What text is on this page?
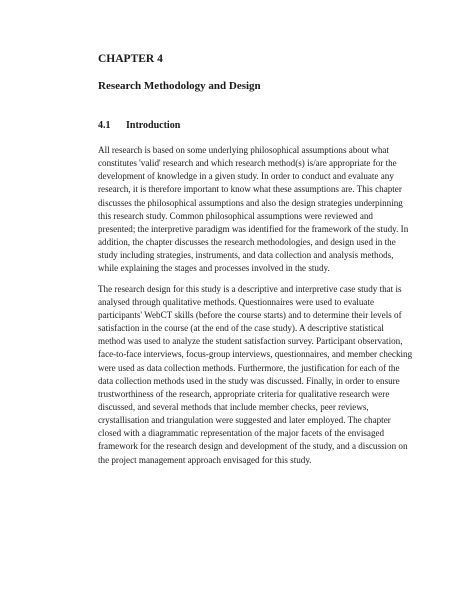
CHAPTER 4
Research Methodology and Design
4.1	Introduction

All research is based on some underlying philosophical assumptions about what
constitutes 'valid' research and which research method(s) is/are appropriate for the
development of knowledge in a given study. In order to conduct and evaluate any
research, it is therefore important to know what these assumptions are. This chapter
discusses the philosophical assumptions and also the design strategies underpinning
this research study. Common philosophical assumptions were reviewed and
presented; the interpretive paradigm was identified for the framework of the study. In
addition, the chapter discusses the research methodologies, and design used in the
study including strategies, instruments, and data collection and analysis methods,
while explaining the stages and processes involved in the study.

The research design for this study is a descriptive and interpretive case study that is
analysed through qualitative methods. Questionnaires were used to evaluate
participants' WebCT skills (before the course starts) and to determine their levels of
satisfaction in the course (at the end of the case study). A descriptive statistical
method was used to analyze the student satisfaction survey. Participant observation,
face-to-face interviews, focus-group interviews, questionnaires, and member checking
were used as data collection methods. Furthermore, the justification for each of the
data collection methods used in the study was discussed. Finally, in order to ensure
trustworthiness of the research, appropriate criteria for qualitative research were
discussed, and several methods that include member checks, peer reviews,
crystallisation and triangulation were suggested and later employed. The chapter
closed with a diagrammatic representation of the major facets of the envisaged
framework for the research design and development of the study, and a discussion on
the project management approach envisaged for this study.
